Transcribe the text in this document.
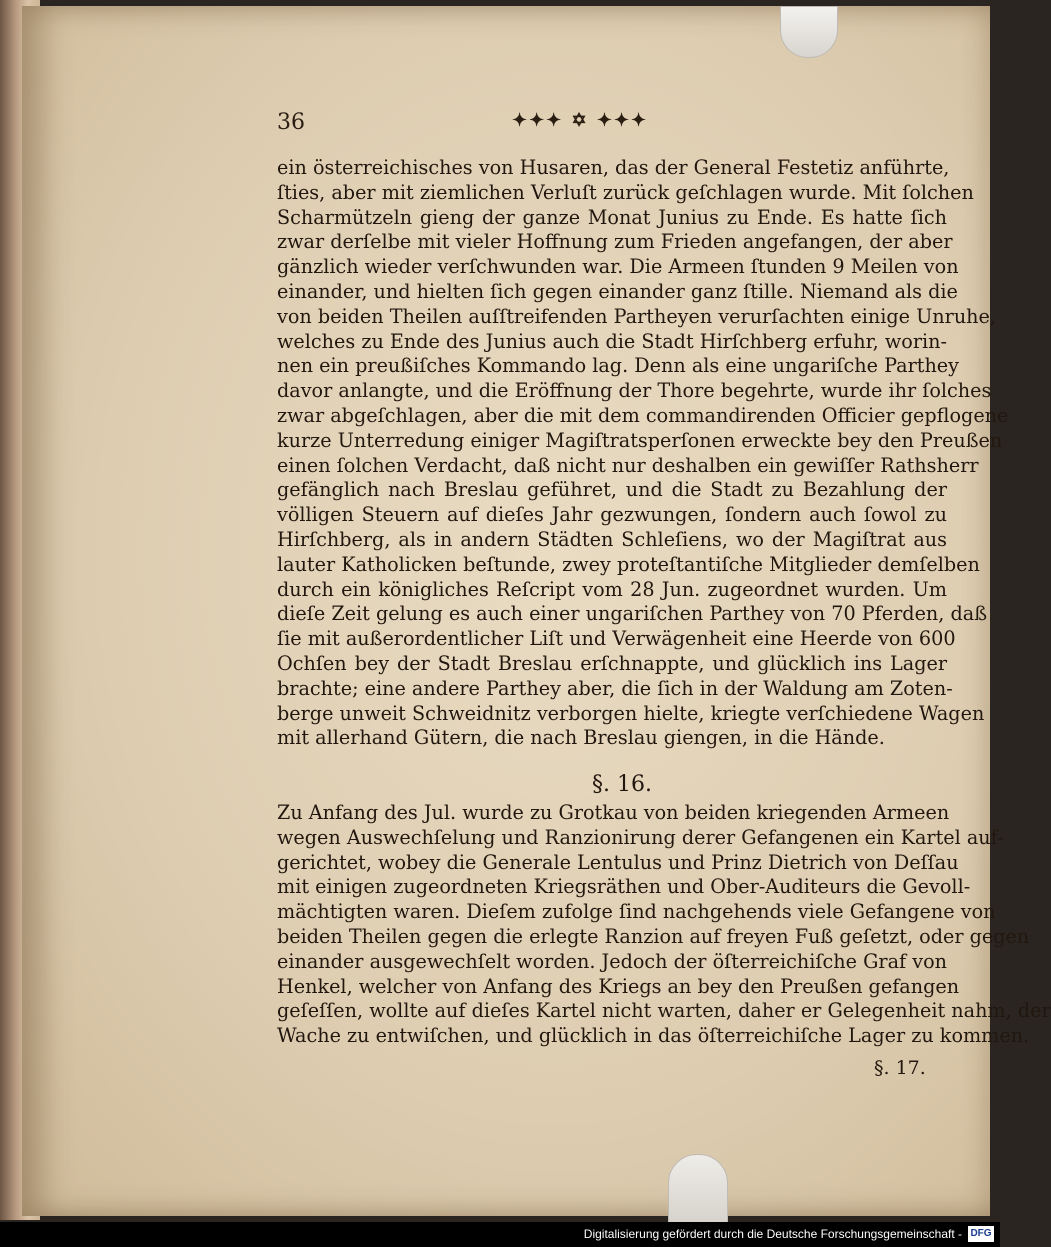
36	✦✦✦ ✡ ✦✦✦
ein österreichisches von Husaren, das der General Festetiz anführte,
ſties, aber mit ziemlichen Verluſt zurück geſchlagen wurde. Mit ſolchen
Scharmützeln gieng der ganze Monat Junius zu Ende. Es hatte ſich
zwar derſelbe mit vieler Hoffnung zum Frieden angefangen, der aber
gänzlich wieder verſchwunden war. Die Armeen ſtunden 9 Meilen von
einander, und hielten ſich gegen einander ganz ſtille. Niemand als die
von beiden Theilen auſſtreifenden Partheyen verurſachten einige Unruhe,
welches zu Ende des Junius auch die Stadt Hirſchberg erfuhr, worin-
nen ein preußiſches Kommando lag. Denn als eine ungariſche Parthey
davor anlangte, und die Eröffnung der Thore begehrte, wurde ihr ſolches
zwar abgeſchlagen, aber die mit dem commandirenden Officier gepflogene
kurze Unterredung einiger Magiſtratsperſonen erweckte bey den Preußen
einen ſolchen Verdacht, daß nicht nur deshalben ein gewiſſer Rathsherr
gefänglich nach Breslau geführet, und die Stadt zu Bezahlung der
völligen Steuern auf dieſes Jahr gezwungen, ſondern auch ſowol zu
Hirſchberg, als in andern Städten Schleſiens, wo der Magiſtrat aus
lauter Katholicken beſtunde, zwey proteſtantiſche Mitglieder demſelben
durch ein königliches Reſcript vom 28 Jun. zugeordnet wurden. Um
dieſe Zeit gelung es auch einer ungariſchen Parthey von 70 Pferden, daß
ſie mit außerordentlicher Liſt und Verwägenheit eine Heerde von 600
Ochſen bey der Stadt Breslau erſchnappte, und glücklich ins Lager
brachte; eine andere Parthey aber, die ſich in der Waldung am Zoten-
berge unweit Schweidnitz verborgen hielte, kriegte verſchiedene Wagen
mit allerhand Gütern, die nach Breslau giengen, in die Hände.
§. 16.
Zu Anfang des Jul. wurde zu Grotkau von beiden kriegenden Armeen
wegen Auswechſelung und Ranzionirung derer Gefangenen ein Kartel auf-
gerichtet, wobey die Generale Lentulus und Prinz Dietrich von Deſſau
mit einigen zugeordneten Kriegsräthen und Ober-Auditeurs die Gevoll-
mächtigten waren. Dieſem zufolge ſind nachgehends viele Gefangene von
beiden Theilen gegen die erlegte Ranzion auf freyen Fuß geſetzt, oder gegen
einander ausgewechſelt worden. Jedoch der öſterreichiſche Graf von
Henkel, welcher von Anfang des Kriegs an bey den Preußen gefangen
geſeſſen, wollte auf dieſes Kartel nicht warten, daher er Gelegenheit nahm, der
Wache zu entwiſchen, und glücklich in das öſterreichiſche Lager zu kommen.
§. 17.
Digitalisierung gefördert durch die Deutsche Forschungsgemeinschaft - DFG
